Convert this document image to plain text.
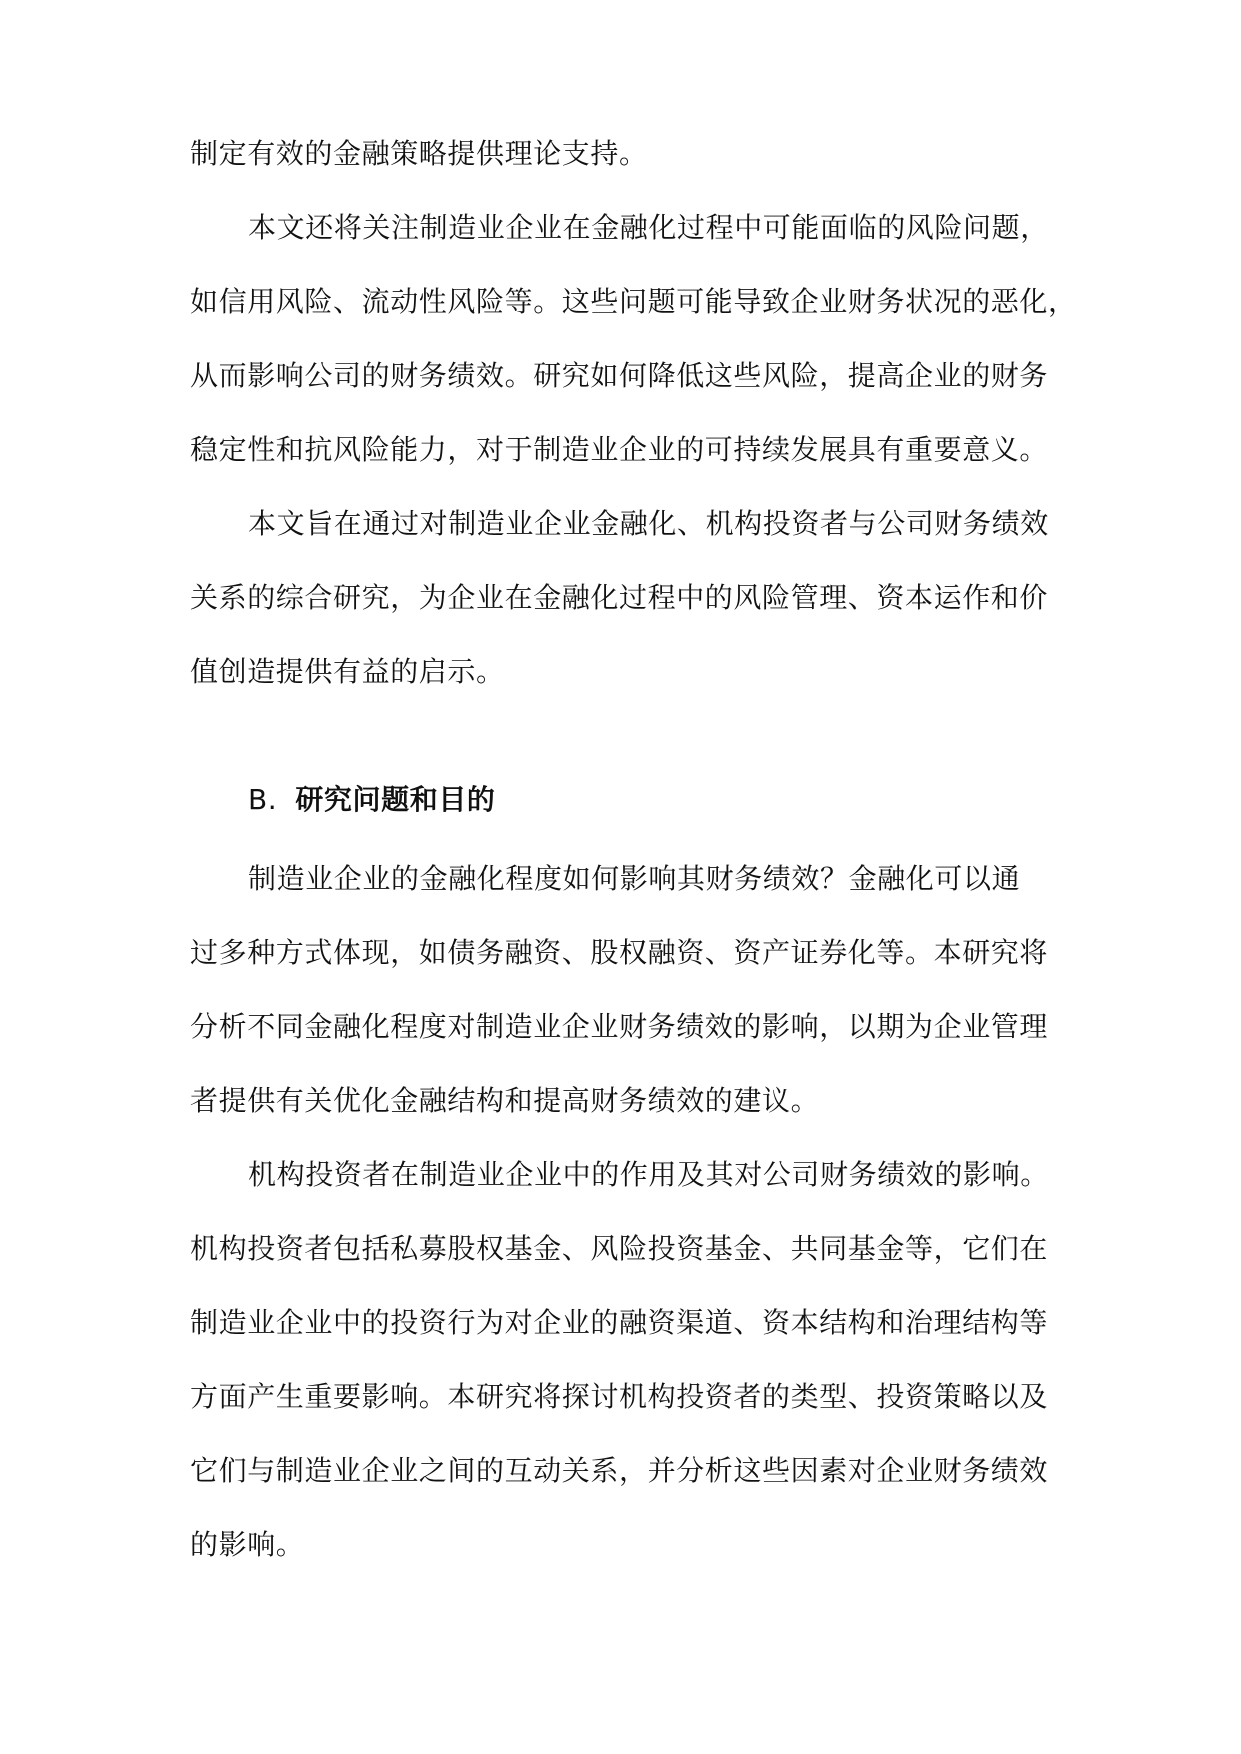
制定有效的金融策略提供理论支持。
本文还将关注制造业企业在金融化过程中可能面临的风险问题，
如信用风险、流动性风险等。这些问题可能导致企业财务状况的恶化，
从而影响公司的财务绩效。研究如何降低这些风险，提高企业的财务
稳定性和抗风险能力，对于制造业企业的可持续发展具有重要意义。
本文旨在通过对制造业企业金融化、机构投资者与公司财务绩效
关系的综合研究，为企业在金融化过程中的风险管理、资本运作和价
值创造提供有益的启示。
B. 研究问题和目的
制造业企业的金融化程度如何影响其财务绩效？金融化可以通
过多种方式体现，如债务融资、股权融资、资产证券化等。本研究将
分析不同金融化程度对制造业企业财务绩效的影响，以期为企业管理
者提供有关优化金融结构和提高财务绩效的建议。
机构投资者在制造业企业中的作用及其对公司财务绩效的影响。
机构投资者包括私募股权基金、风险投资基金、共同基金等，它们在
制造业企业中的投资行为对企业的融资渠道、资本结构和治理结构等
方面产生重要影响。本研究将探讨机构投资者的类型、投资策略以及
它们与制造业企业之间的互动关系，并分析这些因素对企业财务绩效
的影响。
